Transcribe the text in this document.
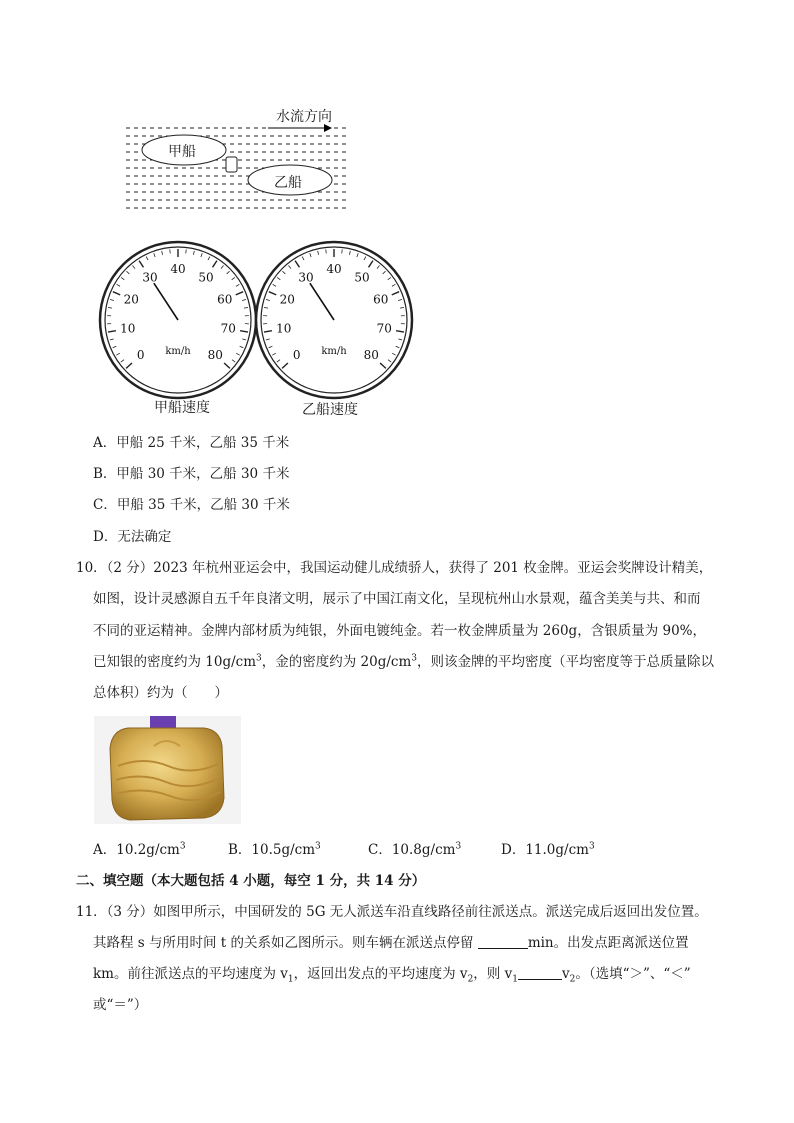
水流方向
甲船
乙船
0
10
20
30
40
50
60
70
80
km/h	0
10
20
30
40
50
60
70
80
km/h
甲船速度	乙船速度
A．甲船 25 千米，乙船 35 千米
B．甲船 30 千米，乙船 30 千米
C．甲船 35 千米，乙船 30 千米
D．无法确定
10．（2 分）2023 年杭州亚运会中，我国运动健儿成绩骄人，获得了 201 枚金牌。亚运会奖牌设计精美，
如图，设计灵感源自五千年良渚文明，展示了中国江南文化，呈现杭州山水景观，蕴含美美与共、和而
不同的亚运精神。金牌内部材质为纯银，外面电镀纯金。若一枚金牌质量为 260g，含银质量为 90%，
已知银的密度约为 $10g/cm^3$，金的密度约为 $20g/cm^3$，则该金牌的平均密度（平均密度等于总质量除以
总体积）约为（　　）
A．$10.2g/cm^3$	B．$10.5g/cm^3$	C．$10.8g/cm^3$	D．$11.0g/cm^3$
二、填空题（本大题包括 4 小题，每空 1 分，共 14 分）
11．（3 分）如图甲所示，中国研发的 5G 无人派送车沿直线路径前往派送点。派送完成后返回出发位置。
其路程 s 与所用时间 t 的关系如乙图所示。则车辆在派送点停留	min。出发点距离派送位置
km。前往派送点的平均速度为 $v_1$，返回出发点的平均速度为 $v_2$，则 $v_1$	$v_2$。（选填“＞”、“＜”
或“＝”）
